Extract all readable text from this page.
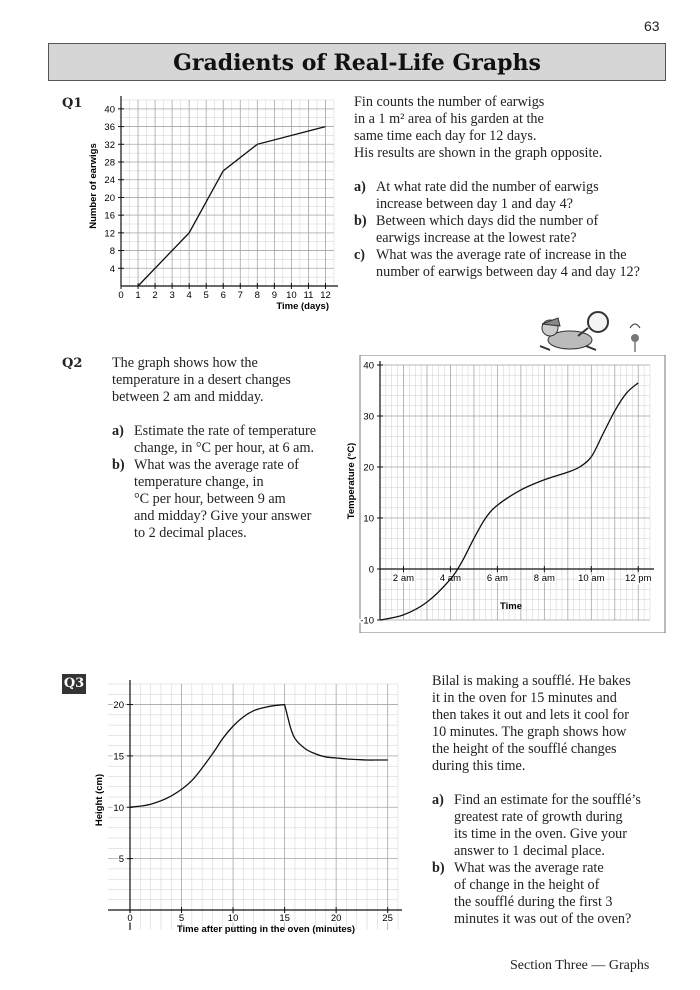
63
Gradients of Real-Life Graphs
Q1
0 1 2 3 4 5 6 7 8 9 10 11 12
4
8
12
16
20
24
28
32
36
40
Time (days)
Number of earwigs

Fin counts the number of earwigs

in a 1 m² area of his garden at the

same time each day for 12 days.

His results are shown in the graph opposite.

a) At what rate did the number of earwigs
increase between day 1 and day 4?
b) Between which days did the number of
earwigs increase at the lowest rate?
c) What was the average rate of increase in the
number of earwigs between day 4 and day 12?
Q2 The graph shows how the

temperature in a desert changes

between 2 am and midday.

a) Estimate the rate of temperature
change, in °C per hour, at 6 am.
b) What was the average rate of
temperature change, in
°C per hour, between 9 am
and midday? Give your answer
to 2 decimal places.
2 am	4 am	6 am	8 am 10 am 12 pm
-10
0
10
20
30
40
Time
Temperature (°C)
Q3
0	5	10	15	20	25
5
10
15
20
Time after putting in the oven (minutes)
Height (cm)

Bilal is making a soufflé. He bakes

it in the oven for 15 minutes and

then takes it out and lets it cool for

10 minutes. The graph shows how

the height of the soufflé changes

during this time.

a) Find an estimate for the soufflé’s
greatest rate of growth during
its time in the oven. Give your
answer to 1 decimal place.
b) What was the average rate
of change in the height of
the soufflé during the first 3
minutes it was out of the oven?
Section Three — Graphs
